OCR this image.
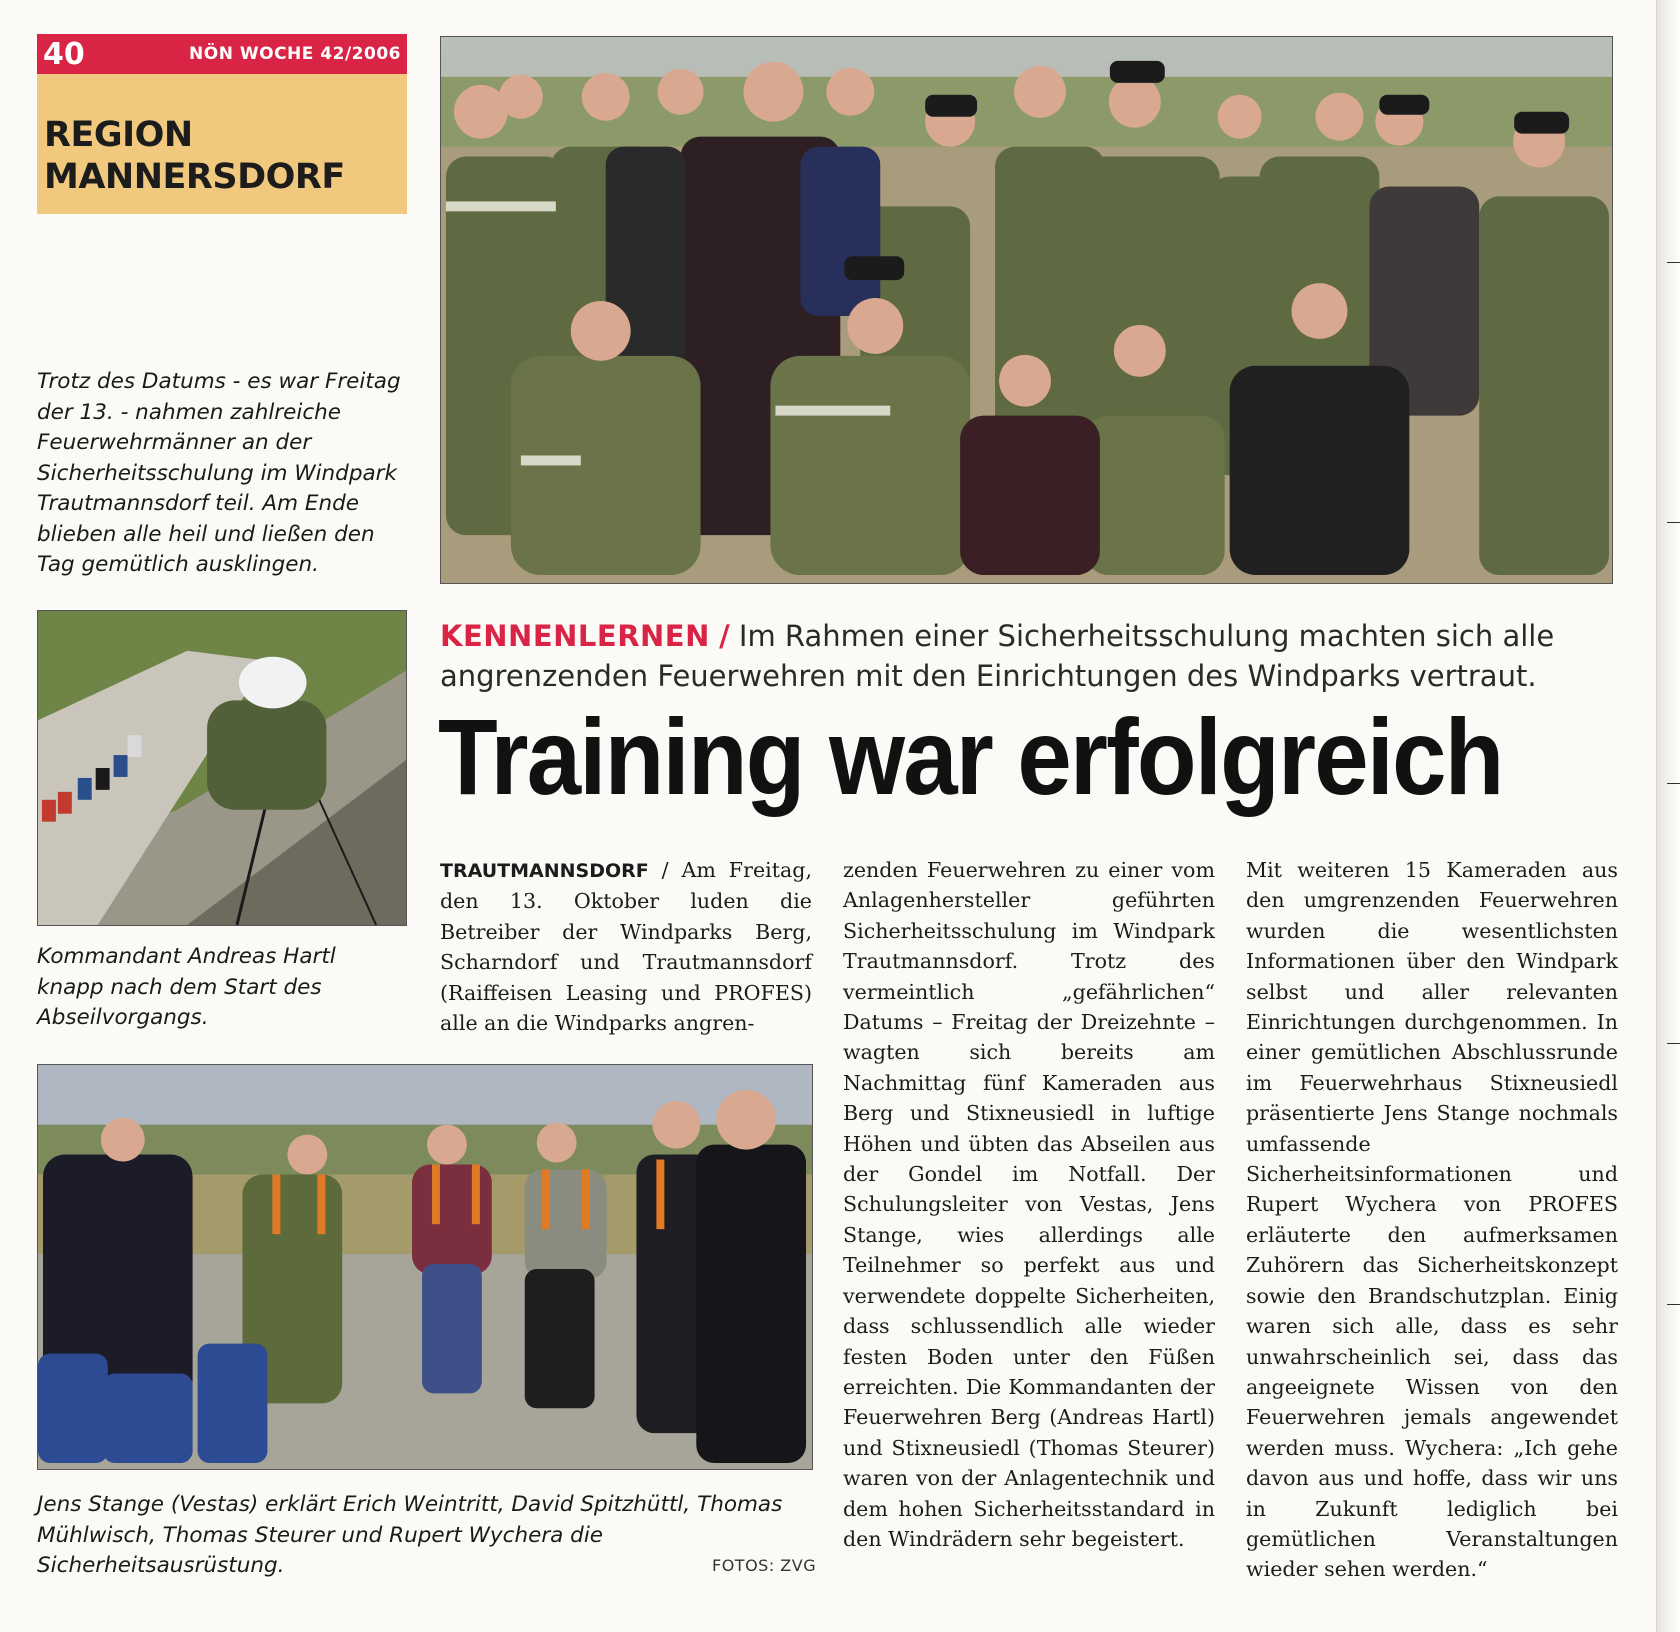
40	NÖN WOCHE 42/2006
REGION
MANNERSDORF

Trotz des Datums - es war Freitag der 13. - nahmen zahlreiche Feuerwehrmänner an der Sicherheitsschulung im Windpark Trautmannsdorf teil. Am Ende blieben alle heil und ließen den Tag gemütlich ausklingen.

Kommandant Andreas Hartl knapp nach dem Start des Abseilvorgangs.

KENNENLERNEN / Im Rahmen einer Sicherheitsschulung machten sich alle angrenzenden Feuerwehren mit den Einrichtungen des Windparks vertraut.

Training war erfolgreich

TRAUTMANNSDORF / Am Freitag, den 13. Oktober luden die Betreiber der Windparks Berg, Scharndorf und Trautmannsdorf (Raiffeisen Leasing und PROFES) alle an die Windparks angren-

zenden Feuerwehren zu einer vom Anlagenhersteller geführten Sicherheitsschulung im Windpark Trautmannsdorf. Trotz des vermeintlich „gefährlichen“ Datums – Freitag der Dreizehnte – wagten sich bereits am Nachmittag fünf Kameraden aus Berg und Stixneusiedl in luftige Höhen und übten das Abseilen aus der Gondel im Notfall. Der Schulungsleiter von Vestas, Jens Stange, wies allerdings alle Teilnehmer so perfekt aus und verwendete doppelte Sicherheiten, dass schlussendlich alle wieder festen Boden unter den Füßen erreichten. Die Kommandanten der Feuerwehren Berg (Andreas Hartl) und Stixneusiedl (Thomas Steurer) waren von der Anlagentechnik und dem hohen Sicherheitsstandard in den Windrädern sehr begeistert.

Mit weiteren 15 Kameraden aus den umgrenzenden Feuerwehren wurden die wesentlichsten Informationen über den Windpark selbst und aller relevanten Einrichtungen durchgenommen. In einer gemütlichen Abschlussrunde im Feuerwehrhaus Stixneusiedl präsentierte Jens Stange nochmals umfassende Sicherheitsinformationen und Rupert Wychera von PROFES erläuterte den aufmerksamen Zuhörern das Sicherheitskonzept sowie den Brandschutzplan. Einig waren sich alle, dass es sehr unwahrscheinlich sei, dass das angeeignete Wissen von den Feuerwehren jemals angewendet werden muss. Wychera: „Ich gehe davon aus und hoffe, dass wir uns in Zukunft lediglich bei gemütlichen Veranstaltungen wieder sehen werden.“

Jens Stange (Vestas) erklärt Erich Weintritt, David Spitzhüttl, Thomas Mühlwisch, Thomas Steurer und Rupert Wychera die Sicherheitsausrüstung.	FOTOS: ZVG
